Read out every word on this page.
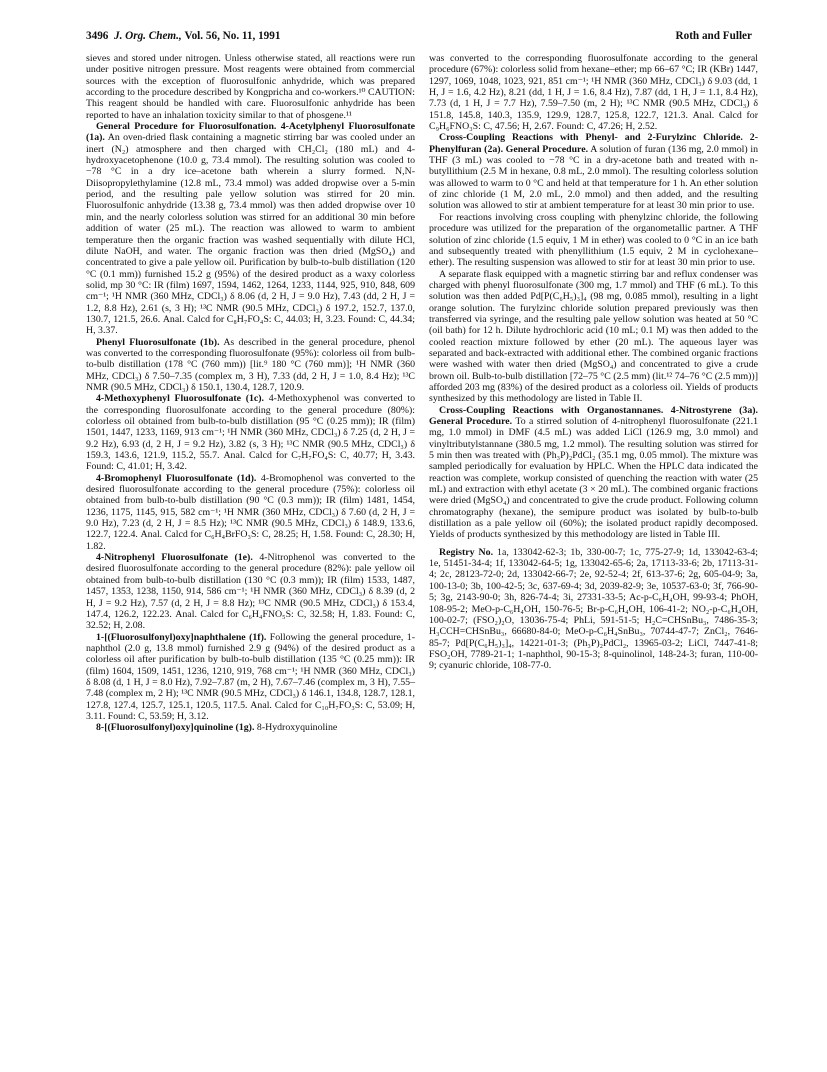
3496 J. Org. Chem., Vol. 56, No. 11, 1991	Roth and Fuller

sieves and stored under nitrogen. Unless otherwise stated, all reactions were run under positive nitrogen pressure. Most reagents were obtained from commercial sources with the exception of fluorosulfonic anhydride, which was prepared according to the procedure described by Kongpricha and co-workers.¹⁰ CAUTION: This reagent should be handled with care. Fluorosulfonic anhydride has been reported to have an inhalation toxicity similar to that of phosgene.¹¹

General Procedure for Fluorosulfonation. 4-Acetylphenyl Fluorosulfonate (1a). An oven-dried flask containing a magnetic stirring bar was cooled under an inert (N₂) atmosphere and then charged with CH₂Cl₂ (180 mL) and 4-hydroxyacetophenone (10.0 g, 73.4 mmol). The resulting solution was cooled to −78 °C in a dry ice–acetone bath wherein a slurry formed. N,N-Diisopropylethylamine (12.8 mL, 73.4 mmol) was added dropwise over a 5-min period, and the resulting pale yellow solution was stirred for 20 min. Fluorosulfonic anhydride (13.38 g, 73.4 mmol) was then added dropwise over 10 min, and the nearly colorless solution was stirred for an additional 30 min before addition of water (25 mL). The reaction was allowed to warm to ambient temperature then the organic fraction was washed sequentially with dilute HCl, dilute NaOH, and water. The organic fraction was then dried (MgSO₄) and concentrated to give a pale yellow oil. Purification by bulb-to-bulb distillation (120 °C (0.1 mm)) furnished 15.2 g (95%) of the desired product as a waxy colorless solid, mp 30 °C: IR (film) 1697, 1594, 1462, 1264, 1233, 1144, 925, 910, 848, 609 cm⁻¹; ¹H NMR (360 MHz, CDCl₃) δ 8.06 (d, 2 H, J = 9.0 Hz), 7.43 (dd, 2 H, J = 1.2, 8.8 Hz), 2.61 (s, 3 H); ¹³C NMR (90.5 MHz, CDCl₃) δ 197.2, 152.7, 137.0, 130.7, 121.5, 26.6. Anal. Calcd for C₈H₇FO₄S: C, 44.03; H, 3.23. Found: C, 44.34; H, 3.37.

Phenyl Fluorosulfonate (1b). As described in the general procedure, phenol was converted to the corresponding fluorosulfonate (95%): colorless oil from bulb-to-bulb distillation (178 °C (760 mm)) [lit.⁹ 180 °C (760 mm)]; ¹H NMR (360 MHz, CDCl₃) δ 7.50–7.35 (complex m, 3 H), 7.33 (dd, 2 H, J = 1.0, 8.4 Hz); ¹³C NMR (90.5 MHz, CDCl₃) δ 150.1, 130.4, 128.7, 120.9.

4-Methoxyphenyl Fluorosulfonate (1c). 4-Methoxyphenol was converted to the corresponding fluorosulfonate according to the general procedure (80%): colorless oil obtained from bulb-to-bulb distillation (95 °C (0.25 mm)); IR (film) 1501, 1447, 1233, 1169, 913 cm⁻¹; ¹H NMR (360 MHz, CDCl₃) δ 7.25 (d, 2 H, J = 9.2 Hz), 6.93 (d, 2 H, J = 9.2 Hz), 3.82 (s, 3 H); ¹³C NMR (90.5 MHz, CDCl₃) δ 159.3, 143.6, 121.9, 115.2, 55.7. Anal. Calcd for C₇H₇FO₄S: C, 40.77; H, 3.43. Found: C, 41.01; H, 3.42.

4-Bromophenyl Fluorosulfonate (1d). 4-Bromophenol was converted to the desired fluorosulfonate according to the general procedure (75%): colorless oil obtained from bulb-to-bulb distillation (90 °C (0.3 mm)); IR (film) 1481, 1454, 1236, 1175, 1145, 915, 582 cm⁻¹; ¹H NMR (360 MHz, CDCl₃) δ 7.60 (d, 2 H, J = 9.0 Hz), 7.23 (d, 2 H, J = 8.5 Hz); ¹³C NMR (90.5 MHz, CDCl₃) δ 148.9, 133.6, 122.7, 122.4. Anal. Calcd for C₆H₄BrFO₃S: C, 28.25; H, 1.58. Found: C, 28.30; H, 1.82.

4-Nitrophenyl Fluorosulfonate (1e). 4-Nitrophenol was converted to the desired fluorosulfonate according to the general procedure (82%): pale yellow oil obtained from bulb-to-bulb distillation (130 °C (0.3 mm)); IR (film) 1533, 1487, 1457, 1353, 1238, 1150, 914, 586 cm⁻¹; ¹H NMR (360 MHz, CDCl₃) δ 8.39 (d, 2 H, J = 9.2 Hz), 7.57 (d, 2 H, J = 8.8 Hz); ¹³C NMR (90.5 MHz, CDCl₃) δ 153.4, 147.4, 126.2, 122.23. Anal. Calcd for C₆H₄FNO₅S: C, 32.58; H, 1.83. Found: C, 32.52; H, 2.08.

1-[(Fluorosulfonyl)oxy]naphthalene (1f). Following the general procedure, 1-naphthol (2.0 g, 13.8 mmol) furnished 2.9 g (94%) of the desired product as a colorless oil after purification by bulb-to-bulb distillation (135 °C (0.25 mm)): IR (film) 1604, 1509, 1451, 1236, 1210, 919, 768 cm⁻¹; ¹H NMR (360 MHz, CDCl₃) δ 8.08 (d, 1 H, J = 8.0 Hz), 7.92–7.87 (m, 2 H), 7.67–7.46 (complex m, 3 H), 7.55–7.48 (complex m, 2 H); ¹³C NMR (90.5 MHz, CDCl₃) δ 146.1, 134.8, 128.7, 128.1, 127.8, 127.4, 125.7, 125.1, 120.5, 117.5. Anal. Calcd for C₁₀H₇FO₃S: C, 53.09; H, 3.11. Found: C, 53.59; H, 3.12.

8-[(Fluorosulfonyl)oxy]quinoline (1g). 8-Hydroxyquinoline

was converted to the corresponding fluorosulfonate according to the general procedure (67%): colorless solid from hexane–ether; mp 66–67 °C; IR (KBr) 1447, 1297, 1069, 1048, 1023, 921, 851 cm⁻¹; ¹H NMR (360 MHz, CDCl₃) δ 9.03 (dd, 1 H, J = 1.6, 4.2 Hz), 8.21 (dd, 1 H, J = 1.6, 8.4 Hz), 7.87 (dd, 1 H, J = 1.1, 8.4 Hz), 7.73 (d, 1 H, J = 7.7 Hz), 7.59–7.50 (m, 2 H); ¹³C NMR (90.5 MHz, CDCl₃) δ 151.8, 145.8, 140.3, 135.9, 129.9, 128.7, 125.8, 122.7, 121.3. Anal. Calcd for C₉H₆FNO₃S: C, 47.56; H, 2.67. Found: C, 47.26; H, 2.52.

Cross-Coupling Reactions with Phenyl- and 2-Furylzinc Chloride. 2-Phenylfuran (2a). General Procedure. A solution of furan (136 mg, 2.0 mmol) in THF (3 mL) was cooled to −78 °C in a dry-acetone bath and treated with n-butyllithium (2.5 M in hexane, 0.8 mL, 2.0 mmol). The resulting colorless solution was allowed to warm to 0 °C and held at that temperature for 1 h. An ether solution of zinc chloride (1 M, 2.0 mL, 2.0 mmol) and then added, and the resulting solution was allowed to stir at ambient temperature for at least 30 min prior to use.

For reactions involving cross coupling with phenylzinc chloride, the following procedure was utilized for the preparation of the organometallic partner. A THF solution of zinc chloride (1.5 equiv, 1 M in ether) was cooled to 0 °C in an ice bath and subsequently treated with phenyllithium (1.5 equiv, 2 M in cyclohexane–ether). The resulting suspension was allowed to stir for at least 30 min prior to use.

A separate flask equipped with a magnetic stirring bar and reflux condenser was charged with phenyl fluorosulfonate (300 mg, 1.7 mmol) and THF (6 mL). To this solution was then added Pd[P(C₆H₅)₃]₄ (98 mg, 0.085 mmol), resulting in a light orange solution. The furylzinc chloride solution prepared previously was then transferred via syringe, and the resulting pale yellow solution was heated at 50 °C (oil bath) for 12 h. Dilute hydrochloric acid (10 mL; 0.1 M) was then added to the cooled reaction mixture followed by ether (20 mL). The aqueous layer was separated and back-extracted with additional ether. The combined organic fractions were washed with water then dried (MgSO₄) and concentrated to give a crude brown oil. Bulb-to-bulb distillation [72–75 °C (2.5 mm) (lit.¹² 74–76 °C (2.5 mm))] afforded 203 mg (83%) of the desired product as a colorless oil. Yields of products synthesized by this methodology are listed in Table II.

Cross-Coupling Reactions with Organostannanes. 4-Nitrostyrene (3a). General Procedure. To a stirred solution of 4-nitrophenyl fluorosulfonate (221.1 mg, 1.0 mmol) in DMF (4.5 mL) was added LiCl (126.9 mg, 3.0 mmol) and vinyltributylstannane (380.5 mg, 1.2 mmol). The resulting solution was stirred for 5 min then was treated with (Ph₃P)₂PdCl₂ (35.1 mg, 0.05 mmol). The mixture was sampled periodically for evaluation by HPLC. When the HPLC data indicated the reaction was complete, workup consisted of quenching the reaction with water (25 mL) and extraction with ethyl acetate (3 × 20 mL). The combined organic fractions were dried (MgSO₄) and concentrated to give the crude product. Following column chromatography (hexane), the semipure product was isolated by bulb-to-bulb distillation as a pale yellow oil (60%); the isolated product rapidly decomposed. Yields of products synthesized by this methodology are listed in Table III.

Registry No. 1a, 133042-62-3; 1b, 330-00-7; 1c, 775-27-9; 1d, 133042-63-4; 1e, 51451-34-4; 1f, 133042-64-5; 1g, 133042-65-6; 2a, 17113-33-6; 2b, 17113-31-4; 2c, 28123-72-0; 2d, 133042-66-7; 2e, 92-52-4; 2f, 613-37-6; 2g, 605-04-9; 3a, 100-13-0; 3b, 100-42-5; 3c, 637-69-4; 3d, 2039-82-9; 3e, 10537-63-0; 3f, 766-90-5; 3g, 2143-90-0; 3h, 826-74-4; 3i, 27331-33-5; Ac-p-C₆H₄OH, 99-93-4; PhOH, 108-95-2; MeO-p-C₆H₄OH, 150-76-5; Br-p-C₆H₄OH, 106-41-2; NO₂-p-C₆H₄OH, 100-02-7; (FSO₂)₂O, 13036-75-4; PhLi, 591-51-5; H₂C=CHSnBu₃, 7486-35-3; H₃CCH=CHSnBu₃, 66680-84-0; MeO-p-C₆H₄SnBu₃, 70744-47-7; ZnCl₂, 7646-85-7; Pd[P(C₆H₅)₃]₄, 14221-01-3; (Ph₃P)₂PdCl₂, 13965-03-2; LiCl, 7447-41-8; FSO₂OH, 7789-21-1; 1-naphthol, 90-15-3; 8-quinolinol, 148-24-3; furan, 110-00-9; cyanuric chloride, 108-77-0.
